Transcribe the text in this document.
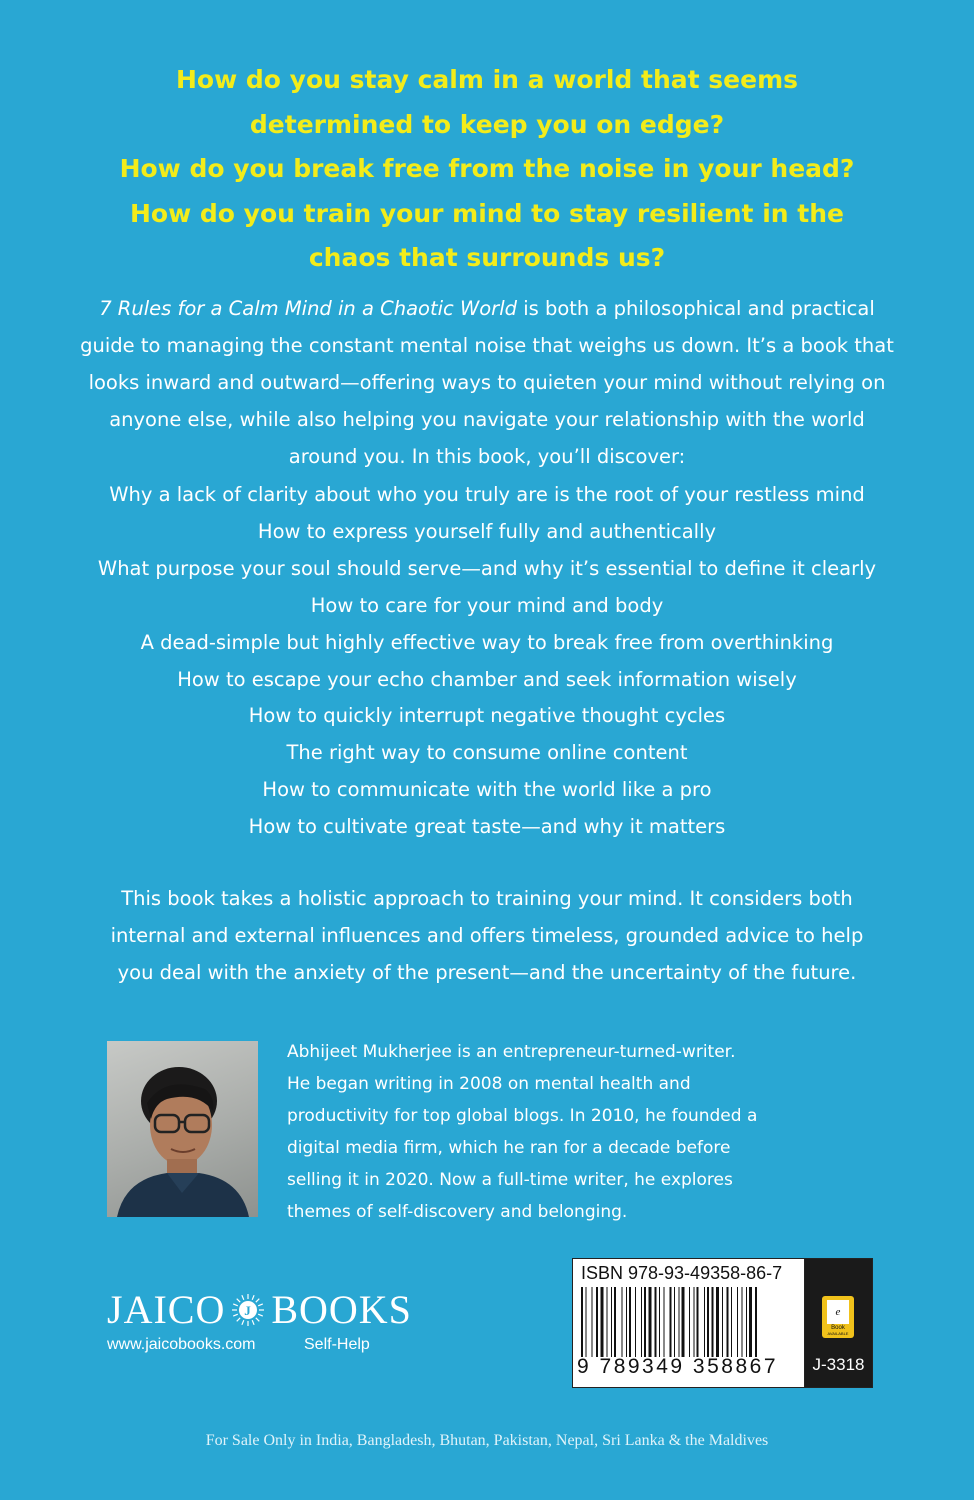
How do you stay calm in a world that seems
determined to keep you on edge?
How do you break free from the noise in your head?
How do you train your mind to stay resilient in the
chaos that surrounds us?
7 Rules for a Calm Mind in a Chaotic World is both a philosophical and practical
guide to managing the constant mental noise that weighs us down. It’s a book that
looks inward and outward—offering ways to quieten your mind without relying on
anyone else, while also helping you navigate your relationship with the world
around you. In this book, you’ll discover:
Why a lack of clarity about who you truly are is the root of your restless mind
How to express yourself fully and authentically
What purpose your soul should serve—and why it’s essential to define it clearly
How to care for your mind and body
A dead-simple but highly effective way to break free from overthinking
How to escape your echo chamber and seek information wisely
How to quickly interrupt negative thought cycles
The right way to consume online content
How to communicate with the world like a pro
How to cultivate great taste—and why it matters
This book takes a holistic approach to training your mind. It considers both
internal and external influences and offers timeless, grounded advice to help
you deal with the anxiety of the present—and the uncertainty of the future.
Abhijeet Mukherjee is an entrepreneur-turned-writer.
He began writing in 2008 on mental health and
productivity for top global blogs. In 2010, he founded a
digital media firm, which he ran for a decade before
selling it in 2020. Now a full-time writer, he explores
themes of self-discovery and belonging.
JAICO J BOOKS
www.jaicobooks.com	Self-Help
ISBN 978-93-49358-86-7
9 789349 358867
e
Book
AVAILABLE
J-3318
For Sale Only in India, Bangladesh, Bhutan, Pakistan, Nepal, Sri Lanka & the Maldives
